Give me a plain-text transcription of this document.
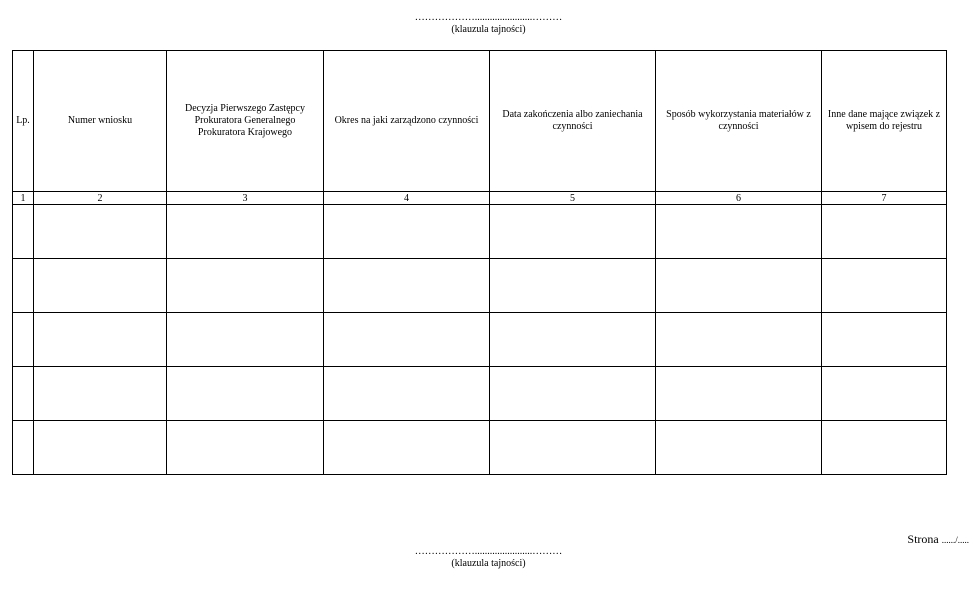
……………….......................………
(klauzula tajności)
Lp.	Numer wniosku	Decyzja Pierwszego Zastępcy Prokuratora Generalnego Prokuratora Krajowego	Okres na jaki zarządzono czynności	Data zakończenia albo zaniechania czynności	Sposób wykorzystania materiałów z czynności	Inne dane mające związek z wpisem do rejestru
1	2	3	4	5	6	7

Strona ....../.....
……………….......................………
(klauzula tajności)
